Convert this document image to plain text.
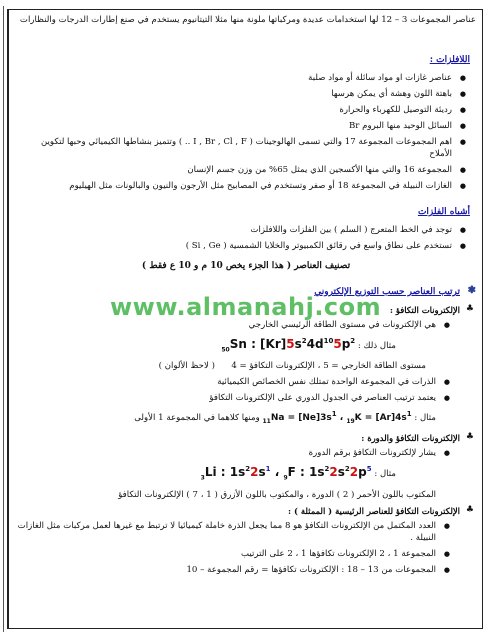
عناصر المجموعات 3 – 12 لها استخدامات عديدة ومركباتها ملونة منها مثلا التيتانيوم يستخدم في صنع إطارات الدرجات والنظارات

اللافلزات :
● عناصر غازات او مواد سائلة أو مواد صلبة
● باهتة اللون وهشة أي يمكن هرسها
● رديئة التوصيل للكهرباء والحرارة
● السائل الوحيد منها البروم Br
● اهم المجموعات المجموعة 17 والتي تسمى الهالوجينات ( I , Br , Cl , F .. ) وتتميز بنشاطها الكيميائي وحبها لتكوين الأملاح
● المجموعة 16 والتي منها الأكسجين الذي يمثل 65% من وزن جسم الإنسان
● الغازات النبيلة في المجموعة 18 أو صفر وتستخدم في المصابيح مثل الأرجون والنيون والبالونات مثل الهيليوم
أشباه الفلزات
● توجد في الخط المتعرج ( السلم ) بين الفلزات واللافلزات
● تستخدم على نطاق واسع في رقائق الكمبيوتر والخلايا الشمسية ( Si , Ge )
تصنيف العناصر ( هذا الجزء يخص 10 م و 10 ع فقط )
❃
ترتيب العناصر حسب التوزيع الإلكتروني
♣
الإلكترونات التكافؤ :
● هي الإلكترونات في مستوى الطاقة الرئيسي الخارجي
مثال ذلك : $_{50}$Sn : $[Kr]5s^24d^{10}5p^2$
مستوى الطاقة الخارجي = 5 ، الإلكترونات التكافؤ = 4      ( لاحظ الألوان )
● الذرات في المجموعة الواحدة تمتلك نفس الخصائص الكيميائية
● يعتمد ترتيب العناصر في الجدول الدوري على الإلكترونات التكافؤ
مثال : $_{11}Na = [Ne]3s^1$ ، $_{19}K = [Ar]4s^1$ ومنها كلاهما في المجموعة 1 الأولى
♣
الإلكترونات التكافؤ والدورة :
● يشار لإلكترونات التكافؤ برقم الدورة
مثال : $_3$Li : $1s^22s^1$ ، $_9$F : $1s^22s^22p^5$
المكتوب باللون الأحمر ( 2 ) الدورة ، والمكتوب باللون الأزرق ( 1 ، 7 ) الإلكترونات التكافؤ
♣
الإلكترونات التكافؤ للعناصر الرئيسية ( الممثلة ) :
● العدد المكتمل من الإلكترونات التكافؤ هو 8 مما يجعل الذرة خاملة كيميائيا لا ترتبط مع غيرها لعمل مركبات مثل الغازات النبيلة .
● المجموعة 1 ، 2 الإلكترونات تكافؤها 1 ، 2 على الترتيب
● المجموعات من 13 – 18 : الإلكترونات تكافؤها = رقم المجموعة – 10
www.almanahj.com
